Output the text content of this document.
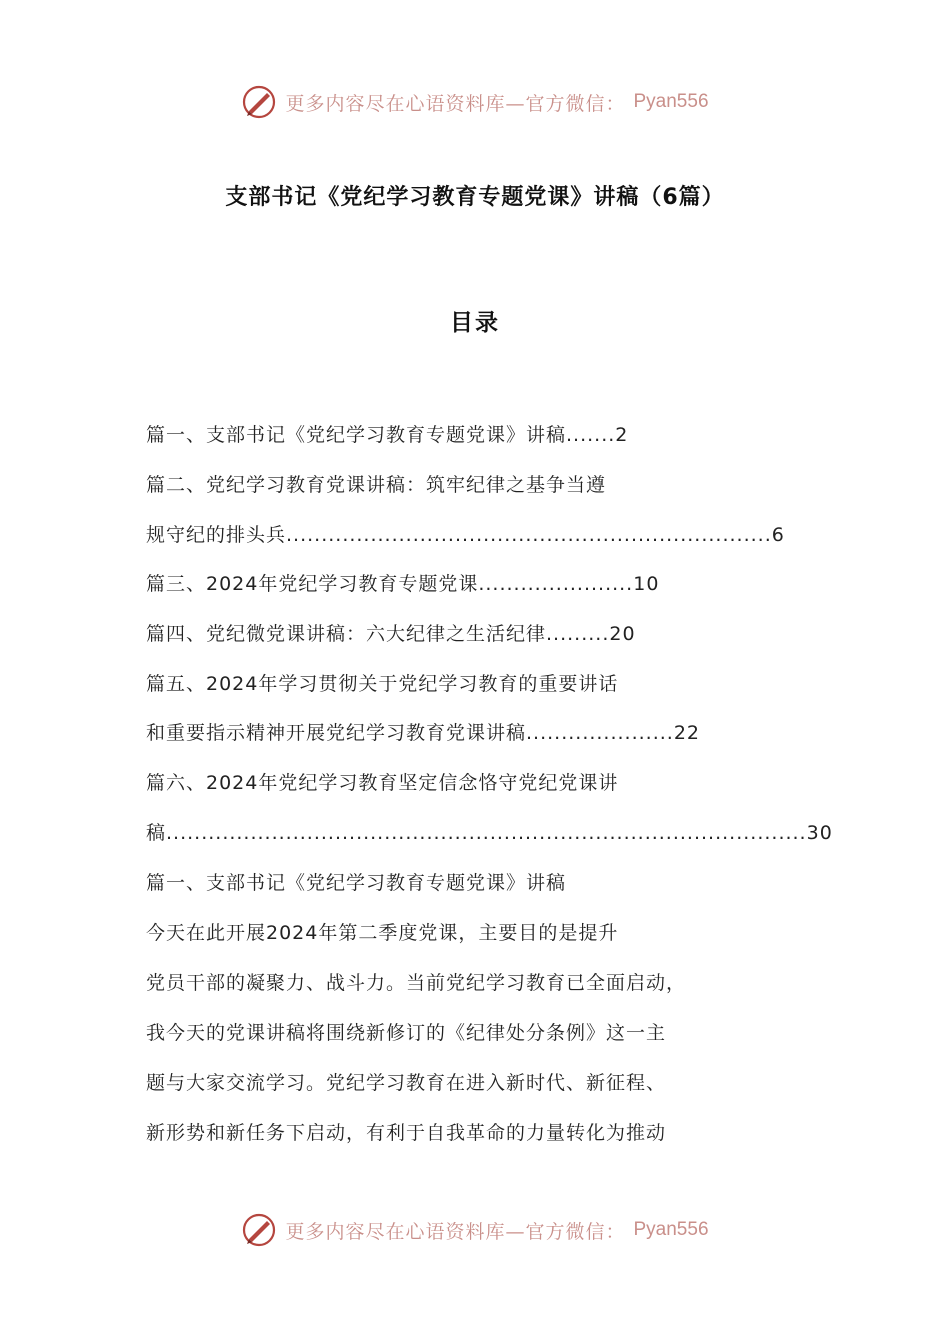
更多内容尽在心语资料库—官方微信： Pyan556
支部书记《党纪学习教育专题党课》讲稿（6篇）
目录
篇一、支部书记《党纪学习教育专题党课》讲稿.......2
篇二、党纪学习教育党课讲稿：筑牢纪律之基争当遵
规守纪的排头兵.....................................................................6
篇三、2024年党纪学习教育专题党课......................10
篇四、党纪微党课讲稿：六大纪律之生活纪律.........20
篇五、2024年学习贯彻关于党纪学习教育的重要讲话
和重要指示精神开展党纪学习教育党课讲稿.....................22
篇六、2024年党纪学习教育坚定信念恪守党纪党课讲
稿...........................................................................................30
篇一、支部书记《党纪学习教育专题党课》讲稿
今天在此开展2024年第二季度党课，主要目的是提升
党员干部的凝聚力、战斗力。当前党纪学习教育已全面启动，
我今天的党课讲稿将围绕新修订的《纪律处分条例》这一主
题与大家交流学习。党纪学习教育在进入新时代、新征程、
新形势和新任务下启动，有利于自我革命的力量转化为推动
更多内容尽在心语资料库—官方微信： Pyan556
